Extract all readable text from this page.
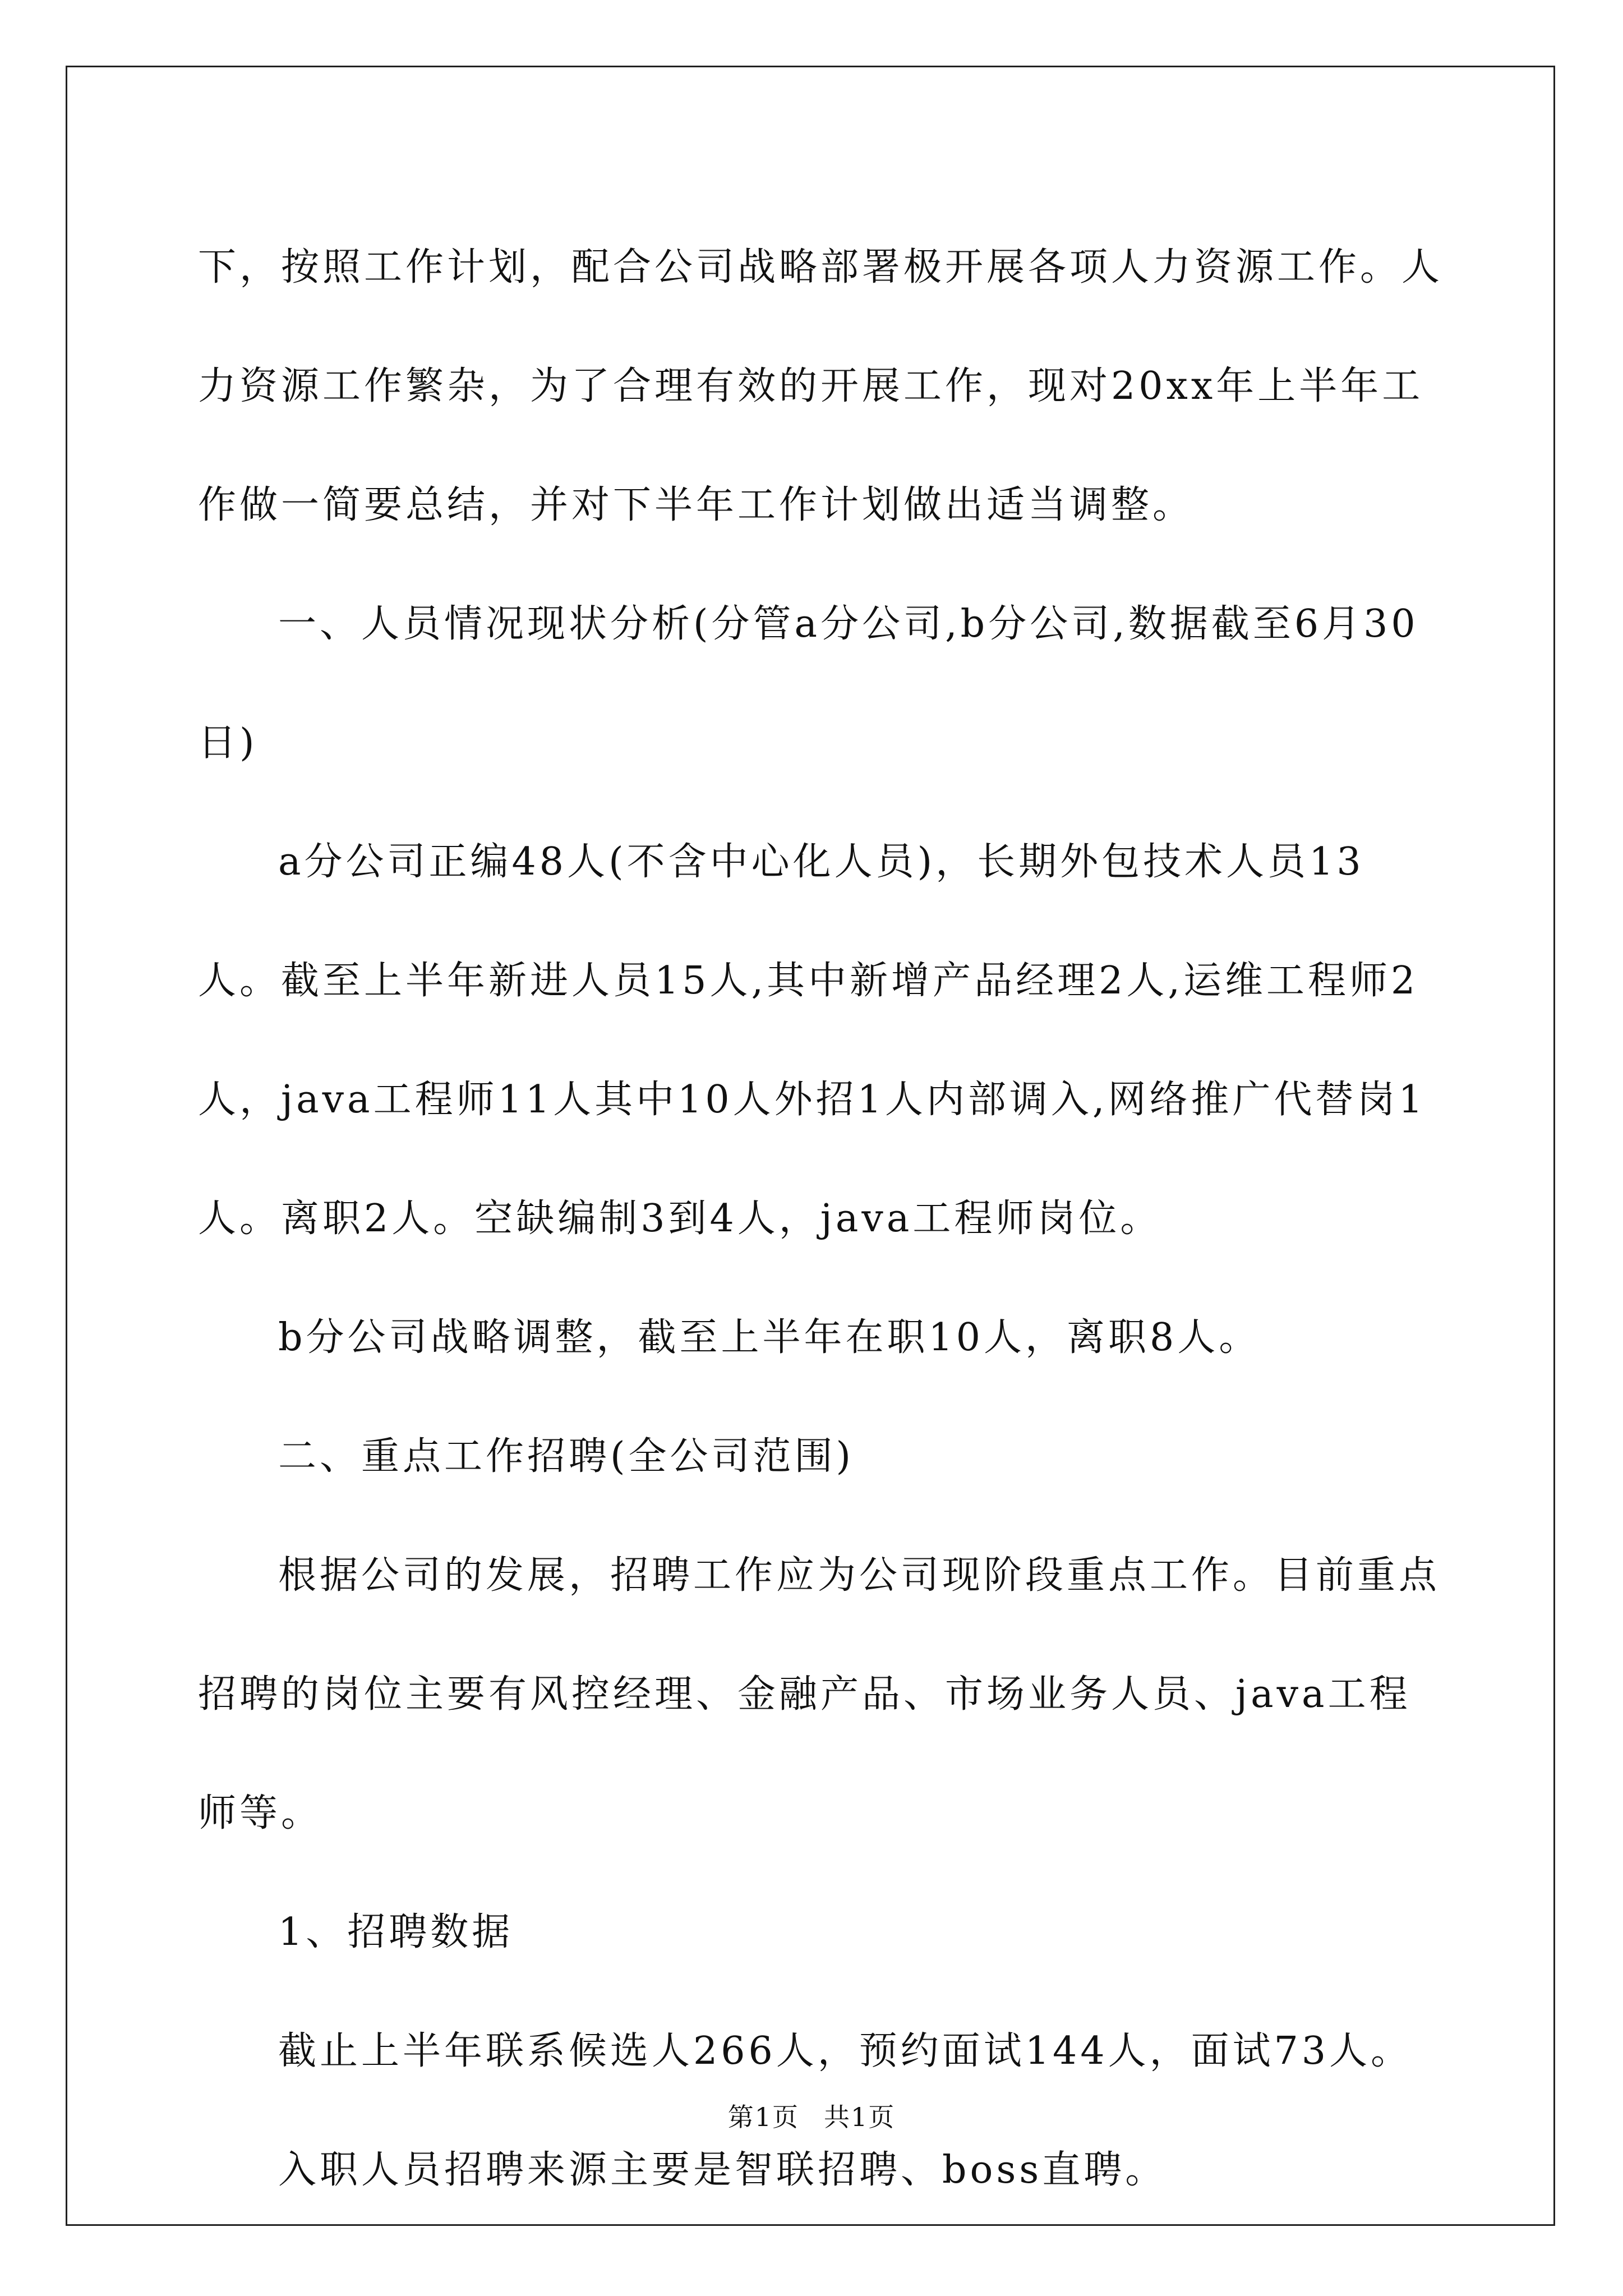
下，按照工作计划，配合公司战略部署极开展各项人力资源工作。人力资源工作繁杂，为了合理有效的开展工作，现对20xx年上半年工作做一简要总结，并对下半年工作计划做出适当调整。

一、人员情况现状分析(分管a分公司,b分公司,数据截至6月30日)

a分公司正编48人(不含中心化人员)，长期外包技术人员13人。截至上半年新进人员15人,其中新增产品经理2人,运维工程师2人，java工程师11人其中10人外招1人内部调入,网络推广代替岗1人。离职2人。空缺编制3到4人，java工程师岗位。

b分公司战略调整，截至上半年在职10人，离职8人。

二、重点工作招聘(全公司范围)

根据公司的发展，招聘工作应为公司现阶段重点工作。目前重点招聘的岗位主要有风控经理、金融产品、市场业务人员、java工程师等。

1、招聘数据

截止上半年联系候选人266人，预约面试144人，面试73人。

入职人员招聘来源主要是智联招聘、boss直聘。

第1页 共1页
